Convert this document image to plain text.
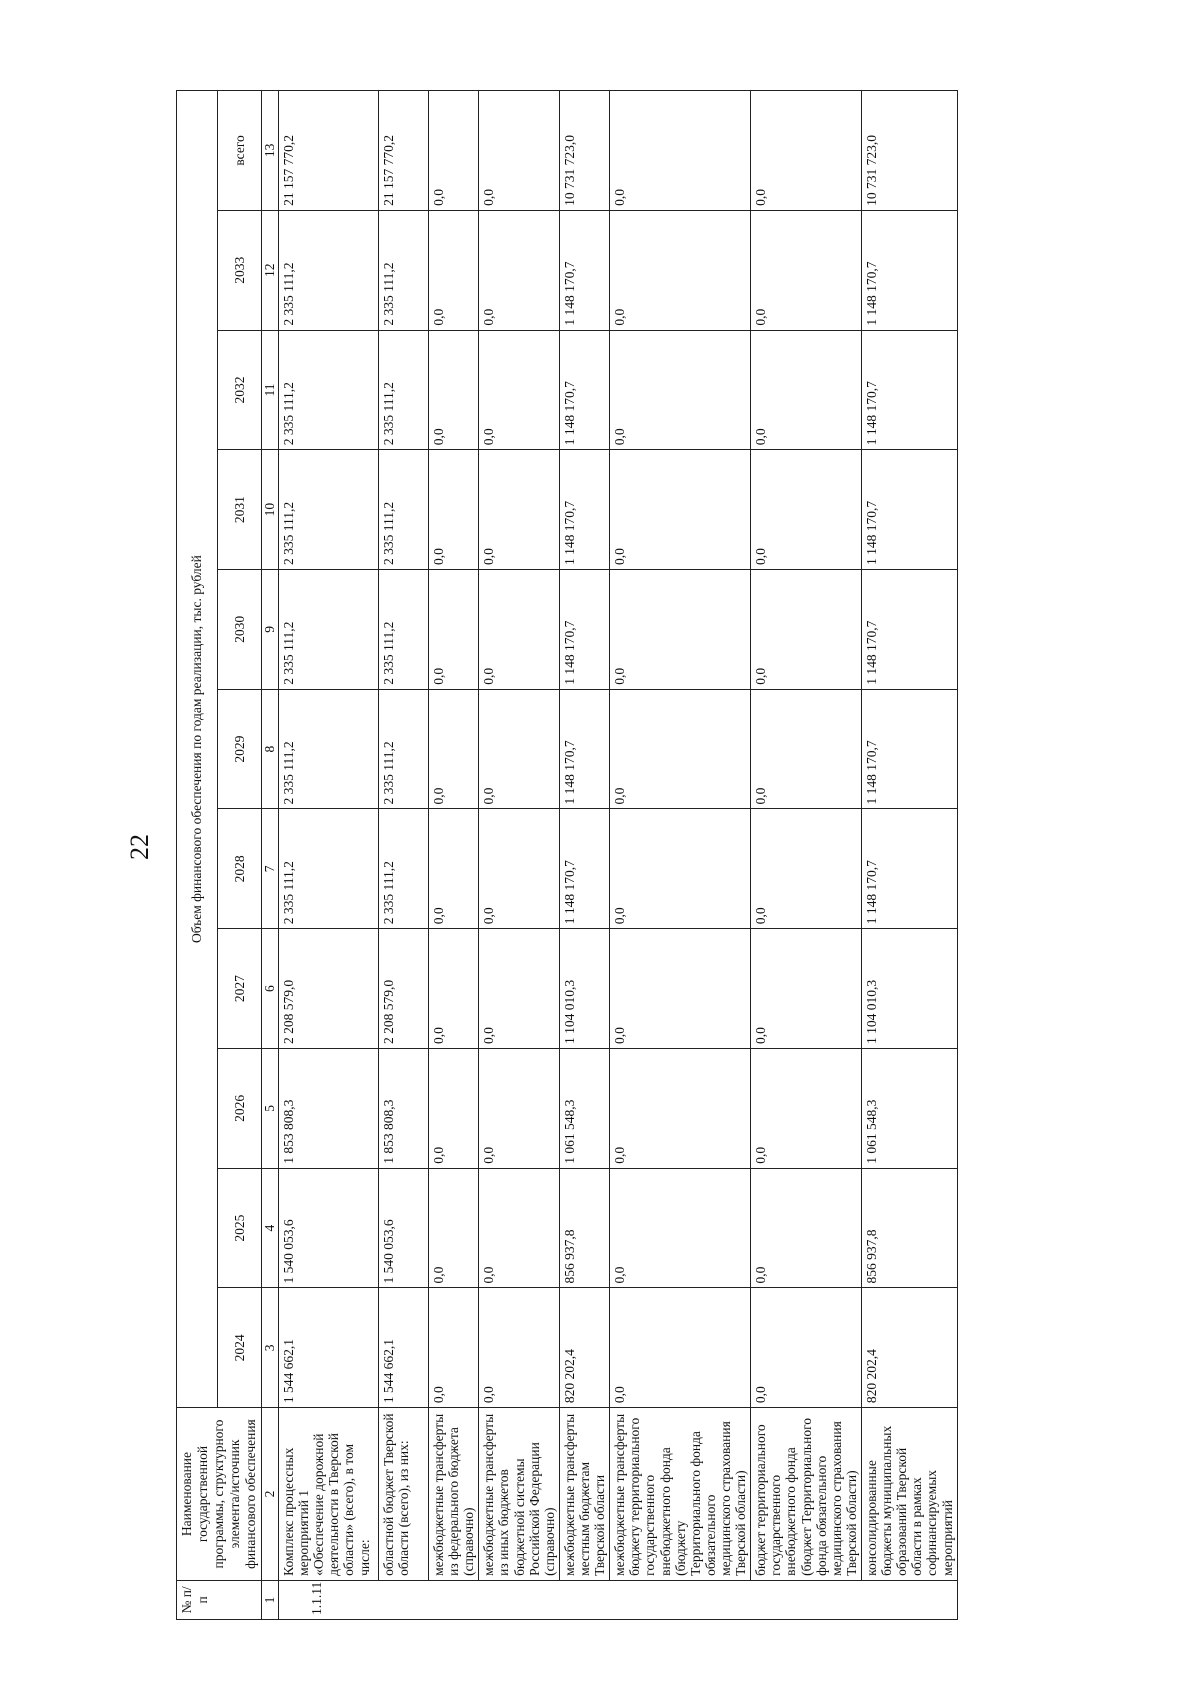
22
№ п/п	Наименование государственной программы, структурного элемента/источник финансового обеспечения	Объем финансового обеспечения по годам реализации, тыс. рублей										
		2024	2025	2026	2027	2028	2029	2030	2031	2032	2033	всего
1	2	3	4	5	6	7	8	9	10	11	12	13
1.1.11	Комплекс процессных мероприятий 1 «Обеспечение дорожной деятельности в Тверской области» (всего), в том числе:	1 544 662,1	1 540 053,6	1 853 808,3	2 208 579,0	2 335 111,2	2 335 111,2	2 335 111,2	2 335 111,2	2 335 111,2	2 335 111,2	21 157 770,2
	областной бюджет Тверской области (всего), из них:	1 544 662,1	1 540 053,6	1 853 808,3	2 208 579,0	2 335 111,2	2 335 111,2	2 335 111,2	2 335 111,2	2 335 111,2	2 335 111,2	21 157 770,2
	межбюджетные трансферты из федерального бюджета (справочно)	0,0	0,0	0,0	0,0	0,0	0,0	0,0	0,0	0,0	0,0	0,0
	межбюджетные трансферты из иных бюджетов бюджетной системы Российской Федерации (справочно)	0,0	0,0	0,0	0,0	0,0	0,0	0,0	0,0	0,0	0,0	0,0
	межбюджетные трансферты местным бюджетам Тверской области	820 202,4	856 937,8	1 061 548,3	1 104 010,3	1 148 170,7	1 148 170,7	1 148 170,7	1 148 170,7	1 148 170,7	1 148 170,7	10 731 723,0
	межбюджетные трансферты бюджету территориального государственного внебюджетного фонда (бюджету Территориального фонда обязательного медицинского страхования Тверской области)	0,0	0,0	0,0	0,0	0,0	0,0	0,0	0,0	0,0	0,0	0,0
	бюджет территориального государственного внебюджетного фонда (бюджет Территориального фонда обязательного медицинского страхования Тверской области)	0,0	0,0	0,0	0,0	0,0	0,0	0,0	0,0	0,0	0,0	0,0
	консолидированные бюджеты муниципальных образований Тверской области в рамках софинансируемых мероприятий	820 202,4	856 937,8	1 061 548,3	1 104 010,3	1 148 170,7	1 148 170,7	1 148 170,7	1 148 170,7	1 148 170,7	1 148 170,7	10 731 723,0
